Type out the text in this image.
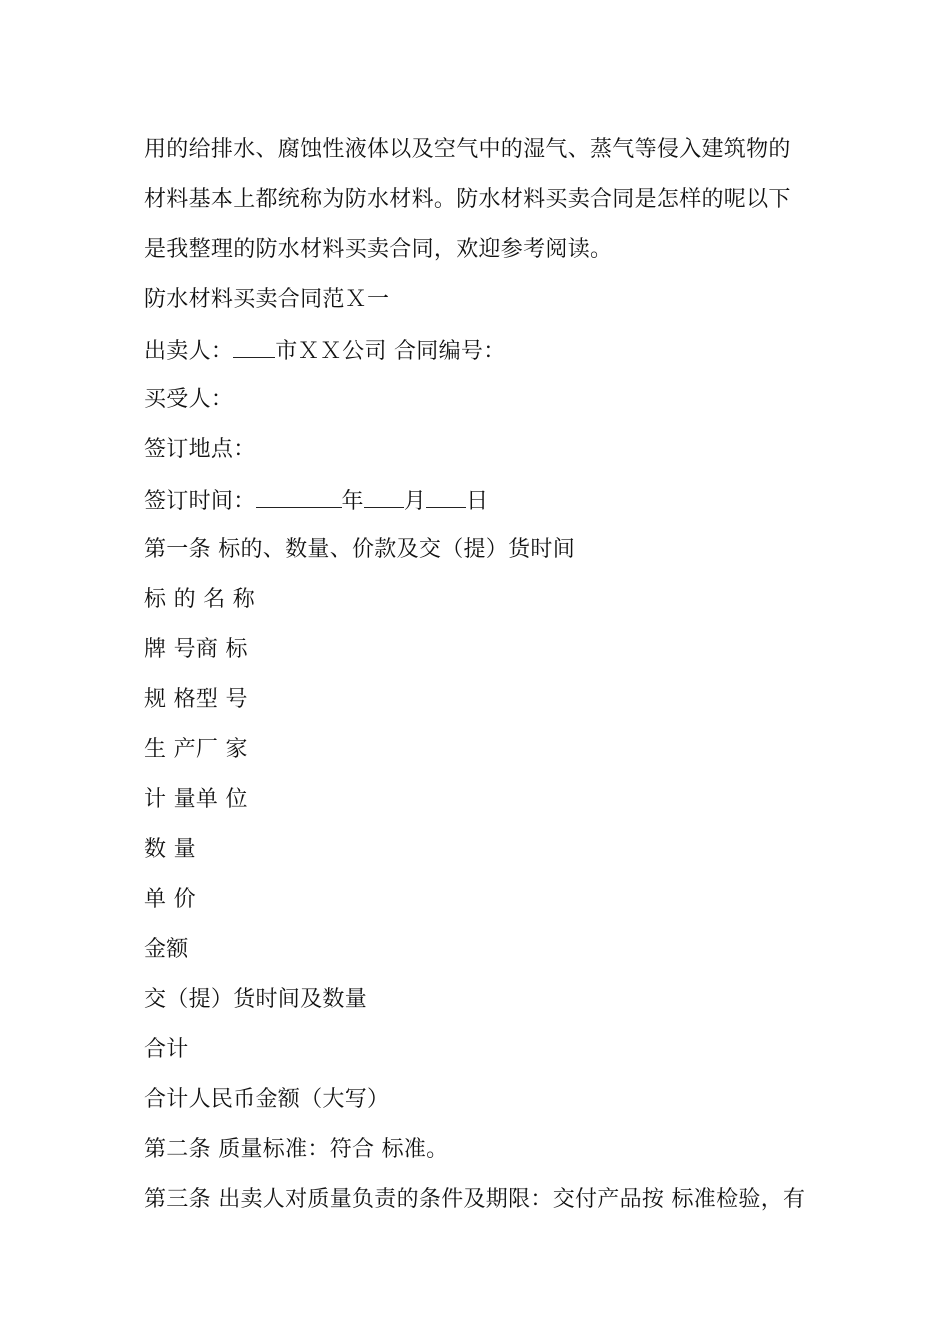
用的给排水、腐蚀性液体以及空气中的湿气、蒸气等侵入建筑物的
材料基本上都统称为防水材料。防水材料买卖合同是怎样的呢以下
是我整理的防水材料买卖合同，欢迎参考阅读。
防水材料买卖合同范Ｘ一
出卖人： 市ＸＸ公司 合同编号：
买受人：
签订地点：
签订时间：	年 月 日
第一条 标的、数量、价款及交（提）货时间
标 的 名 称
牌 号商 标
规 格型 号
生 产厂 家
计 量单 位
数 量
单 价
金额
交（提）货时间及数量
合计
合计人民币金额（大写）
第二条 质量标准：符合 标准。
第三条 出卖人对质量负责的条件及期限：交付产品按 标准检验，有
